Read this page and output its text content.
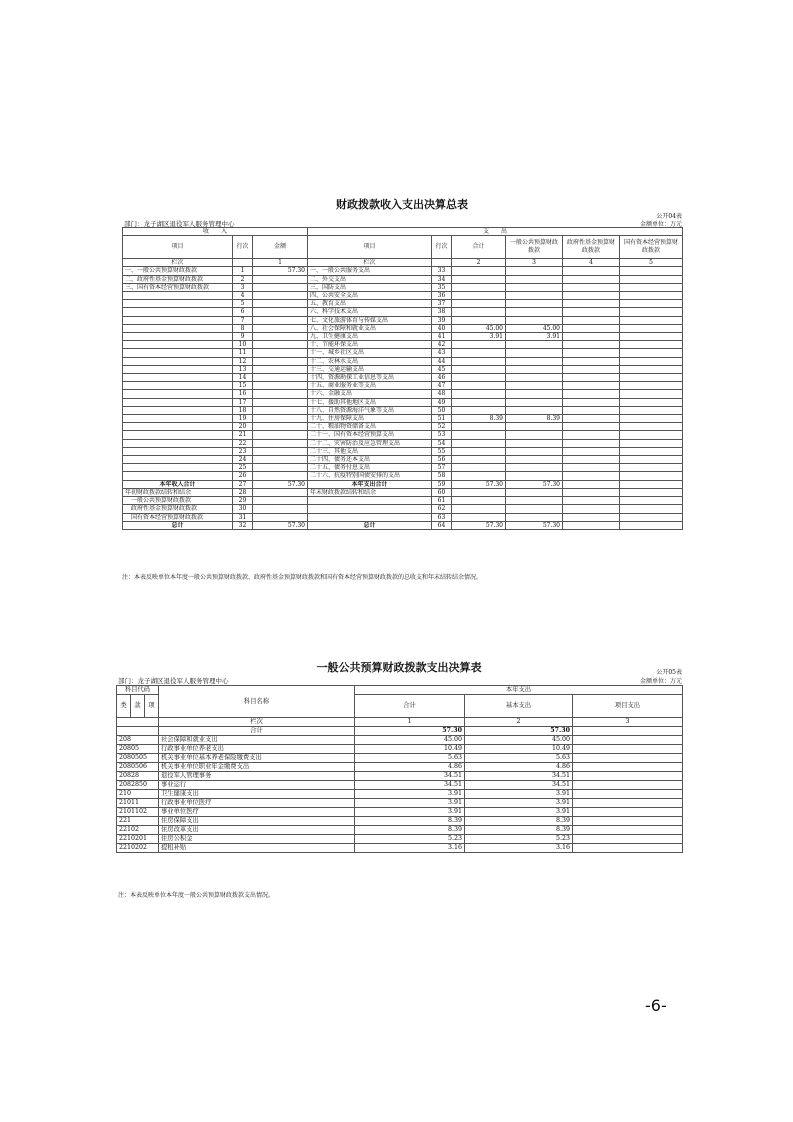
财政拨款收入支出决算总表
公开04表
部门：龙子湖区退役军人服务管理中心	金额单位：万元
收　　入			支　　出					
项目	行次	金额	项目	行次	合计	一般公共预算财政拨款	政府性基金预算财政拨款	国有资本经营预算财政拨款
栏次		1	栏次		2	3	4	5
一、一般公共预算财政拨款	1	57.30	一、一般公共服务支出	33				
二、政府性基金预算财政拨款	2		二、外交支出	34				
三、国有资本经营预算财政拨款	3		三、国防支出	35				
	4		四、公共安全支出	36				
	5		五、教育支出	37				
	6		六、科学技术支出	38				
	7		七、文化旅游体育与传媒支出	39				
	8		八、社会保障和就业支出	40	45.00	45.00		
	9		九、卫生健康支出	41	3.91	3.91		
	10		十、节能环保支出	42				
	11		十一、城乡社区支出	43				
	12		十二、农林水支出	44				
	13		十三、交通运输支出	45				
	14		十四、资源勘探工业信息等支出	46				
	15		十五、商业服务业等支出	47				
	16		十六、金融支出	48				
	17		十七、援助其他地区支出	49				
	18		十八、自然资源海洋气象等支出	50				
	19		十九、住房保障支出	51	8.39	8.39		
	20		二十、粮油物资储备支出	52				
	21		二十一、国有资本经营预算支出	53				
	22		二十二、灾害防治及应急管理支出	54				
	23		二十三、其他支出	55				
	24		二十四、债务还本支出	56				
	25		二十五、债务付息支出	57				
	26		二十六、抗疫特别国债安排的支出	58				
本年收入合计	27	57.30	本年支出合计	59	57.30	57.30		
年初财政拨款结转和结余	28		年末财政拨款结转和结余	60				
一般公共预算财政拨款	29			61				
政府性基金预算财政拨款	30			62				
国有资本经营预算财政拨款	31			63				
总计	32	57.30	总计	64	57.30	57.30		
注：本表反映单位本年度一般公共预算财政拨款、政府性基金预算财政拨款和国有资本经营预算财政拨款的总收支和年末结转结余情况。
一般公共预算财政拨款支出决算表	公开05表
部门：龙子湖区退役军人服务管理中心	金额单位：万元
科目代码			科目名称	本年支出		
				合计	基本支出	项目支出
类	款	项				
			栏次	1	2	3
			合计	57.30	57.30	
208			社会保障和就业支出	45.00	45.00	
20805			行政事业单位养老支出	10.49	10.49	
2080505			机关事业单位基本养老保险缴费支出	5.63	5.63	
2080506			机关事业单位职业年金缴费支出	4.86	4.86	
20828			退役军人管理事务	34.51	34.51	
2082850			事业运行	34.51	34.51	
210			卫生健康支出	3.91	3.91	
21011			行政事业单位医疗	3.91	3.91	
2101102			事业单位医疗	3.91	3.91	
221			住房保障支出	8.39	8.39	
22102			住房改革支出	8.39	8.39	
2210201			住房公积金	5.23	5.23	
2210202			提租补贴	3.16	3.16	
注：本表反映单位本年度一般公共预算财政拨款支出情况。
-6-
